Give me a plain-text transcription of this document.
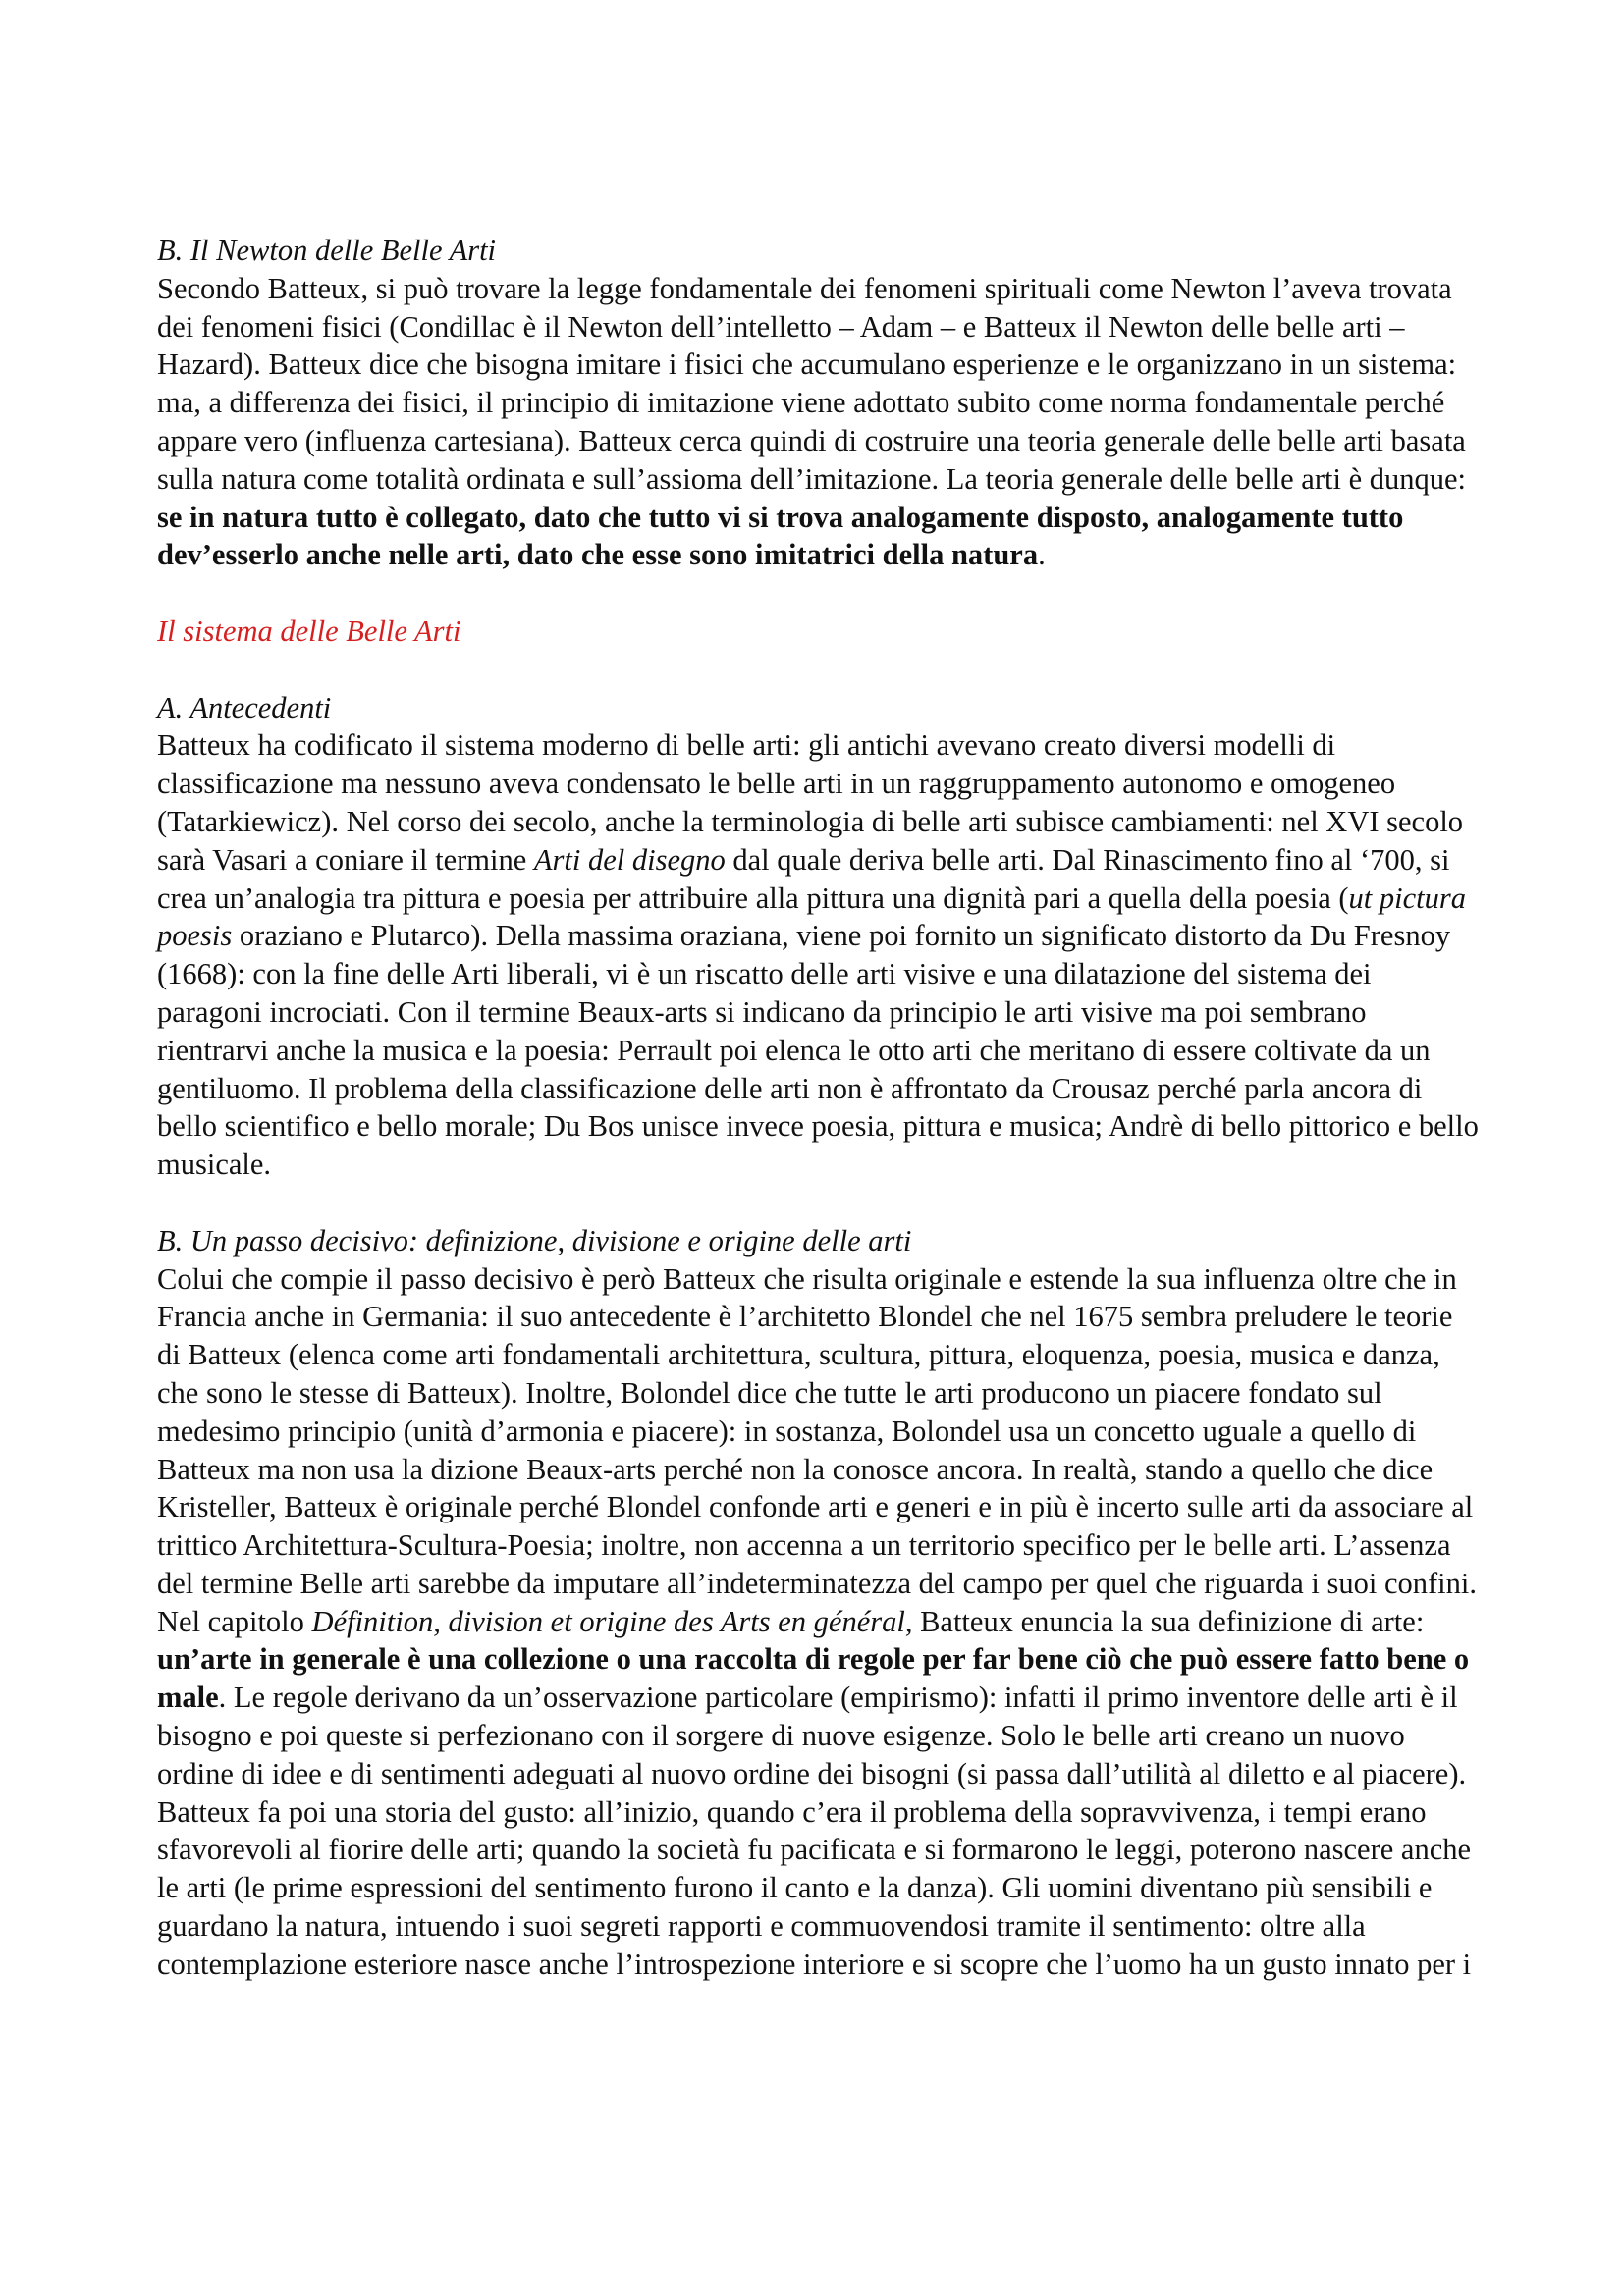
B. Il Newton delle Belle Arti

Secondo Batteux, si può trovare la legge fondamentale dei fenomeni spirituali come Newton l’aveva trovata dei fenomeni fisici (Condillac è il Newton dell’intelletto – Adam – e Batteux il Newton delle belle arti – Hazard). Batteux dice che bisogna imitare i fisici che accumulano esperienze e le organizzano in un sistema: ma, a differenza dei fisici, il principio di imitazione viene adottato subito come norma fondamentale perché appare vero (influenza cartesiana). Batteux cerca quindi di costruire una teoria generale delle belle arti basata sulla natura come totalità ordinata e sull’assioma dell’imitazione. La teoria generale delle belle arti è dunque: se in natura tutto è collegato, dato che tutto vi si trova analogamente disposto, analogamente tutto dev’esserlo anche nelle arti, dato che esse sono imitatrici della natura.

Il sistema delle Belle Arti

A. Antecedenti

Batteux ha codificato il sistema moderno di belle arti: gli antichi avevano creato diversi modelli di classificazione ma nessuno aveva condensato le belle arti in un raggruppamento autonomo e omogeneo (Tatarkiewicz). Nel corso dei secolo, anche la terminologia di belle arti subisce cambiamenti: nel XVI secolo sarà Vasari a coniare il termine Arti del disegno dal quale deriva belle arti. Dal Rinascimento fino al ‘700, si crea un’analogia tra pittura e poesia per attribuire alla pittura una dignità pari a quella della poesia (ut pictura poesis oraziano e Plutarco). Della massima oraziana, viene poi fornito un significato distorto da Du Fresnoy (1668): con la fine delle Arti liberali, vi è un riscatto delle arti visive e una dilatazione del sistema dei paragoni incrociati. Con il termine Beaux-arts si indicano da principio le arti visive ma poi sembrano rientrarvi anche la musica e la poesia: Perrault poi elenca le otto arti che meritano di essere coltivate da un gentiluomo. Il problema della classificazione delle arti non è affrontato da Crousaz perché parla ancora di bello scientifico e bello morale; Du Bos unisce invece poesia, pittura e musica; Andrè di bello pittorico e bello musicale.

B. Un passo decisivo: definizione, divisione e origine delle arti

Colui che compie il passo decisivo è però Batteux che risulta originale e estende la sua influenza oltre che in Francia anche in Germania: il suo antecedente è l’architetto Blondel che nel 1675 sembra preludere le teorie di Batteux (elenca come arti fondamentali architettura, scultura, pittura, eloquenza, poesia, musica e danza, che sono le stesse di Batteux). Inoltre, Bolondel dice che tutte le arti producono un piacere fondato sul medesimo principio (unità d’armonia e piacere): in sostanza, Bolondel usa un concetto uguale a quello di Batteux ma non usa la dizione Beaux-arts perché non la conosce ancora. In realtà, stando a quello che dice Kristeller, Batteux è originale perché Blondel confonde arti e generi e in più è incerto sulle arti da associare al trittico Architettura-Scultura-Poesia; inoltre, non accenna a un territorio specifico per le belle arti. L’assenza del termine Belle arti sarebbe da imputare all’indeterminatezza del campo per quel che riguarda i suoi confini. Nel capitolo Définition, division et origine des Arts en général, Batteux enuncia la sua definizione di arte: un’arte in generale è una collezione o una raccolta di regole per far bene ciò che può essere fatto bene o male. Le regole derivano da un’osservazione particolare (empirismo): infatti il primo inventore delle arti è il bisogno e poi queste si perfezionano con il sorgere di nuove esigenze. Solo le belle arti creano un nuovo ordine di idee e di sentimenti adeguati al nuovo ordine dei bisogni (si passa dall’utilità al diletto e al piacere). Batteux fa poi una storia del gusto: all’inizio, quando c’era il problema della sopravvivenza, i tempi erano sfavorevoli al fiorire delle arti; quando la società fu pacificata e si formarono le leggi, poterono nascere anche le arti (le prime espressioni del sentimento furono il canto e la danza). Gli uomini diventano più sensibili e guardano la natura, intuendo i suoi segreti rapporti e commuovendosi tramite il sentimento: oltre alla contemplazione esteriore nasce anche l’introspezione interiore e si scopre che l’uomo ha un gusto innato per i
